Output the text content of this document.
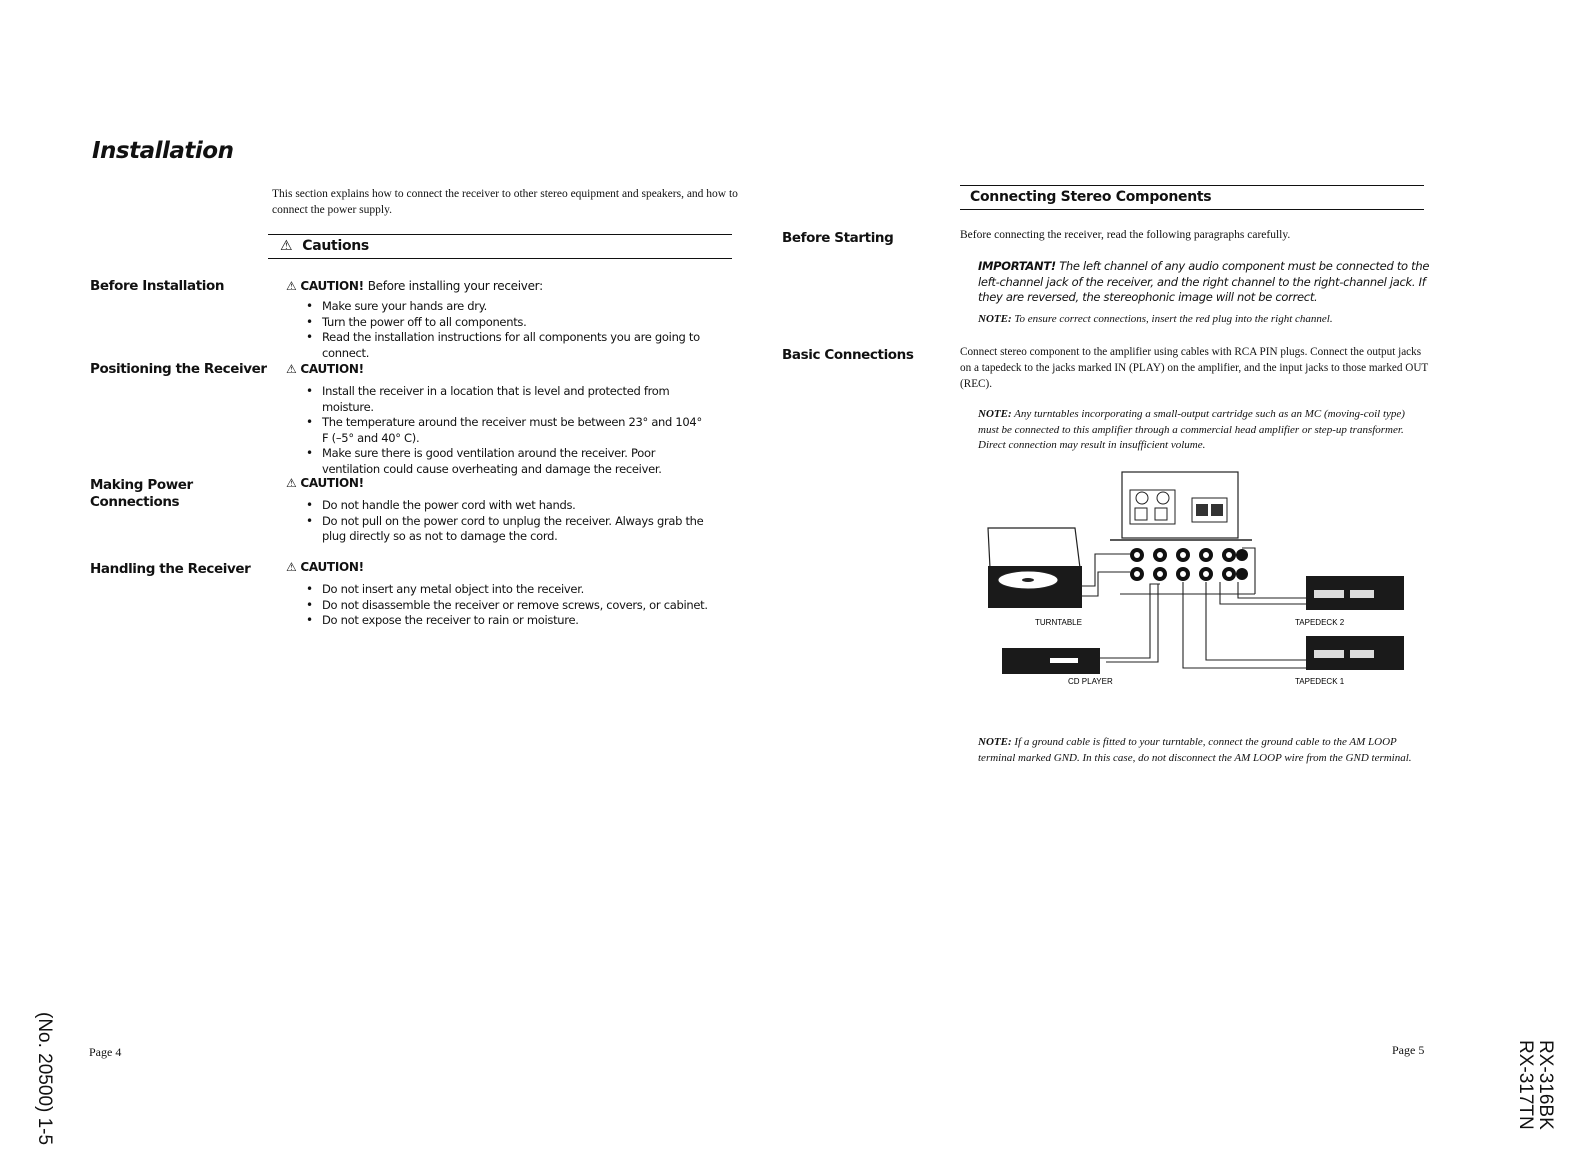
Installation
This section explains how to connect the receiver to other stereo equipment and speakers, and how to connect the power supply.
⚠ Cautions
Before Installation
Positioning the Receiver
Making Power Connections
Handling the Receiver
⚠ CAUTION! Before installing your receiver:
• Make sure your hands are dry.
• Turn the power off to all components.
• Read the installation instructions for all components you are going to connect.
⚠ CAUTION!
• Install the receiver in a location that is level and protected from moisture.
• The temperature around the receiver must be between 23° and 104° F (–5° and 40° C).
• Make sure there is good ventilation around the receiver. Poor ventilation could cause overheating and damage the receiver.
⚠ CAUTION!
• Do not handle the power cord with wet hands.
• Do not pull on the power cord to unplug the receiver. Always grab the plug directly so as not to damage the cord.
⚠ CAUTION!
• Do not insert any metal object into the receiver.
• Do not disassemble the receiver or remove screws, covers, or cabinet.
• Do not expose the receiver to rain or moisture.
Before Starting
Basic Connections
Connecting Stereo Components
Before connecting the receiver, read the following paragraphs carefully.
IMPORTANT! The left channel of any audio component must be connected to the left-channel jack of the receiver, and the right channel to the right-channel jack. If they are reversed, the stereophonic image will not be correct.
NOTE: To ensure correct connections, insert the red plug into the right channel.
Connect stereo component to the amplifier using cables with RCA PIN plugs. Connect the output jacks on a tapedeck to the jacks marked IN (PLAY) on the amplifier, and the input jacks to those marked OUT (REC).
NOTE: Any turntables incorporating a small-output cartridge such as an MC (moving-coil type) must be connected to this amplifier through a commercial head amplifier or step-up transformer. Direct connection may result in insufficient volume.
TURNTABLE
CD PLAYER
TAPEDECK 2
TAPEDECK 1
NOTE: If a ground cable is fitted to your turntable, connect the ground cable to the AM LOOP terminal marked GND. In this case, do not disconnect the AM LOOP wire from the GND terminal.
Page 4	Page 5
(No. 20500) 1-5	RX-316BK
RX-317TN
